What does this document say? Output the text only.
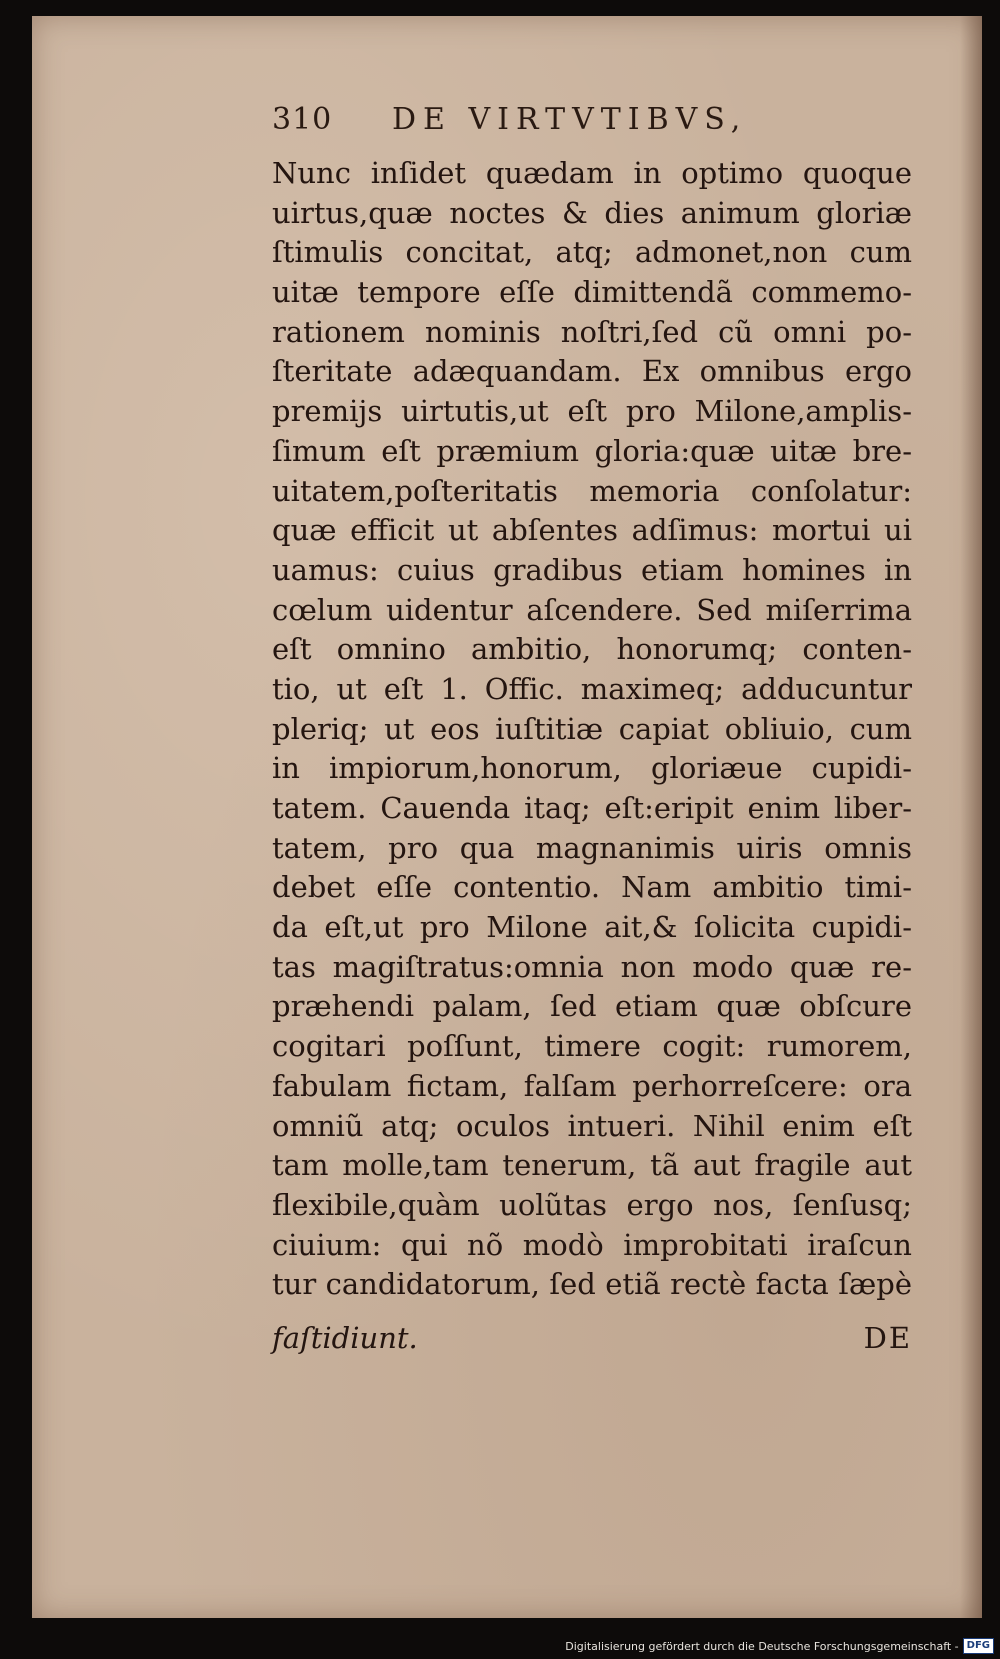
310 DE VIRTVTIBVS,
Nunc inſidet quædam in optimo quoque
uirtus,quæ noctes & dies animum gloriæ
ſtimulis concitat, atq; admonet,non cum
uitæ tempore eſſe dimittendã commemo-
rationem nominis noſtri,ſed cũ omni po-
ſteritate adæquandam. Ex omnibus ergo
premijs uirtutis,ut eſt pro Milone,amplis-
ſimum eſt præmium gloria:quæ uitæ bre-
uitatem,poſteritatis memoria conſolatur:
quæ efficit ut abſentes adſimus: mortui ui
uamus: cuius gradibus etiam homines in
cœlum uidentur aſcendere. Sed miſerrima
eſt omnino ambitio, honorumq; conten-
tio, ut eſt 1. Offic. maximeq; adducuntur
pleriq; ut eos iuſtitiæ capiat obliuio, cum
in impiorum,honorum, gloriæue cupidi-
tatem. Cauenda itaq; eſt:eripit enim liber-
tatem, pro qua magnanimis uiris omnis
debet eſſe contentio. Nam ambitio timi-
da eſt,ut pro Milone ait,& ſolicita cupidi-
tas magiſtratus:omnia non modo quæ re-
præhendi palam, ſed etiam quæ obſcure
cogitari poſſunt, timere cogit: rumorem,
fabulam fictam, falſam perhorreſcere: ora
omniũ atq; oculos intueri. Nihil enim eſt
tam molle,tam tenerum, tã aut fragile aut
flexibile,quàm uolũtas ergo nos, ſenſusq;
ciuium: qui nõ modò improbitati iraſcun
tur candidatorum, ſed etiã rectè facta ſæpè
faſtidiunt.	DE
Digitalisierung gefördert durch die Deutsche Forschungsgemeinschaft - DFG
